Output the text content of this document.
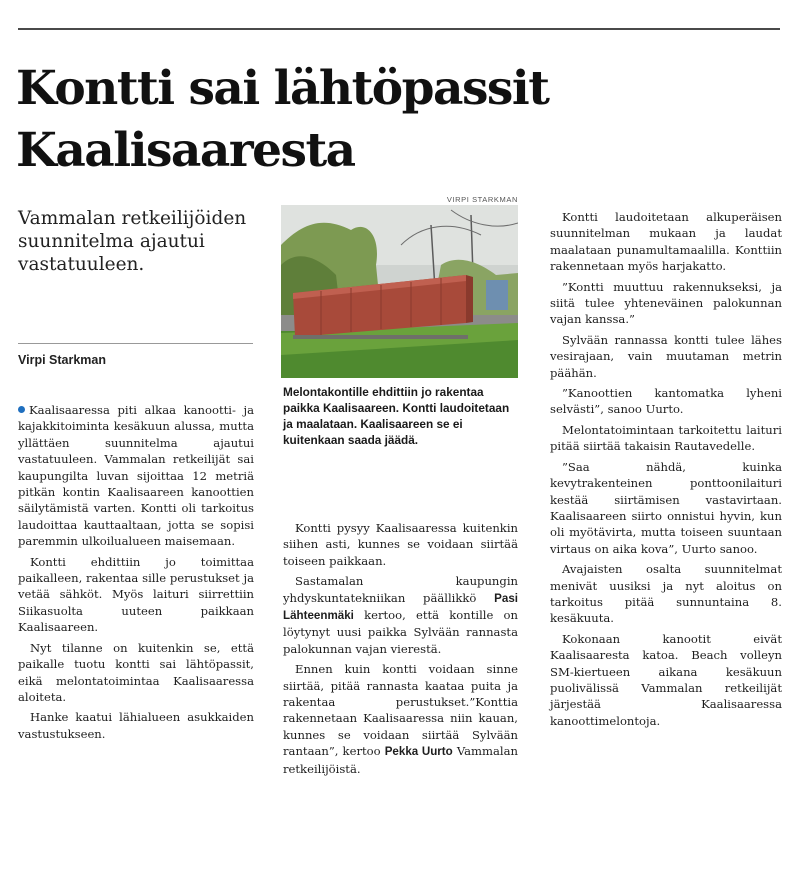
Kontti sai lähtöpassit
Kaalisaaresta

Vammalan retkeilijöiden suunnitelma ajautui vastatuuleen.

Virpi Starkman

Kaalisaaressa piti alkaa kanootti- ja kajakkitoiminta kesäkuun alussa, mutta yllättäen suunnitelma ajautui vastatuuleen. Vammalan retkeilijät sai kaupungilta luvan sijoittaa 12 metriä pitkän kontin Kaalisaareen kanoottien säilytämistä varten. Kontti oli tarkoitus laudoittaa kauttaaltaan, jotta se sopisi paremmin ulkoilualueen maisemaan.

Kontti ehdittiin jo toimittaa paikalleen, rakentaa sille perustukset ja vetää sähköt. Myös laituri siirrettiin Siikasuolta uuteen paikkaan Kaalisaareen.

Nyt tilanne on kuitenkin se, että paikalle tuotu kontti sai lähtöpassit, eikä melontatoimintaa Kaalisaaressa aloiteta.

Hanke kaatui lähialueen asukkaiden vastustukseen.

VIRPI STARKMAN
Melontakontille ehdittiin jo rakentaa paikka Kaalisaareen. Kontti laudoitetaan ja maalataan. Kaalisaareen se ei kuitenkaan saada jäädä.

Kontti pysyy Kaalisaaressa kuitenkin siihen asti, kunnes se voidaan siirtää toiseen paikkaan.

Sastamalan kaupungin yhdyskuntatekniikan päällikkö Pasi Lähteenmäki kertoo, että kontille on löytynyt uusi paikka Sylvään rannasta palokunnan vajan vierestä.

Ennen kuin kontti voidaan sinne siirtää, pitää rannasta kaataa puita ja rakentaa perustukset.”Konttia rakennetaan Kaalisaaressa niin kauan, kunnes se voidaan siirtää Sylvään rantaan”, kertoo Pekka Uurto Vammalan retkeilijöistä.

Kontti laudoitetaan alkuperäisen suunnitelman mukaan ja laudat maalataan punamultamaalilla. Konttiin rakennetaan myös harjakatto.

”Kontti muuttuu rakennukseksi, ja siitä tulee yhteneväinen palokunnan vajan kanssa.”

Sylvään rannassa kontti tulee lähes vesirajaan, vain muutaman metrin päähän.

”Kanoottien kantomatka lyheni selvästi”, sanoo Uurto.

Melontatoimintaan tarkoitettu laituri pitää siirtää takaisin Rautavedelle.

”Saa nähdä, kuinka kevytrakenteinen ponttoonilaituri kestää siirtämisen vastavirtaan. Kaalisaareen siirto onnistui hyvin, kun oli myötävirta, mutta toiseen suuntaan virtaus on aika kova”, Uurto sanoo.

Avajaisten osalta suunnitelmat menivät uusiksi ja nyt aloitus on tarkoitus pitää sunnuntaina 8. kesäkuuta.

Kokonaan kanootit eivät Kaalisaaresta katoa. Beach volleyn SM-kiertueen aikana kesäkuun puolivälissä Vammalan retkeilijät järjestää Kaalisaaressa kanoottimelontoja.
